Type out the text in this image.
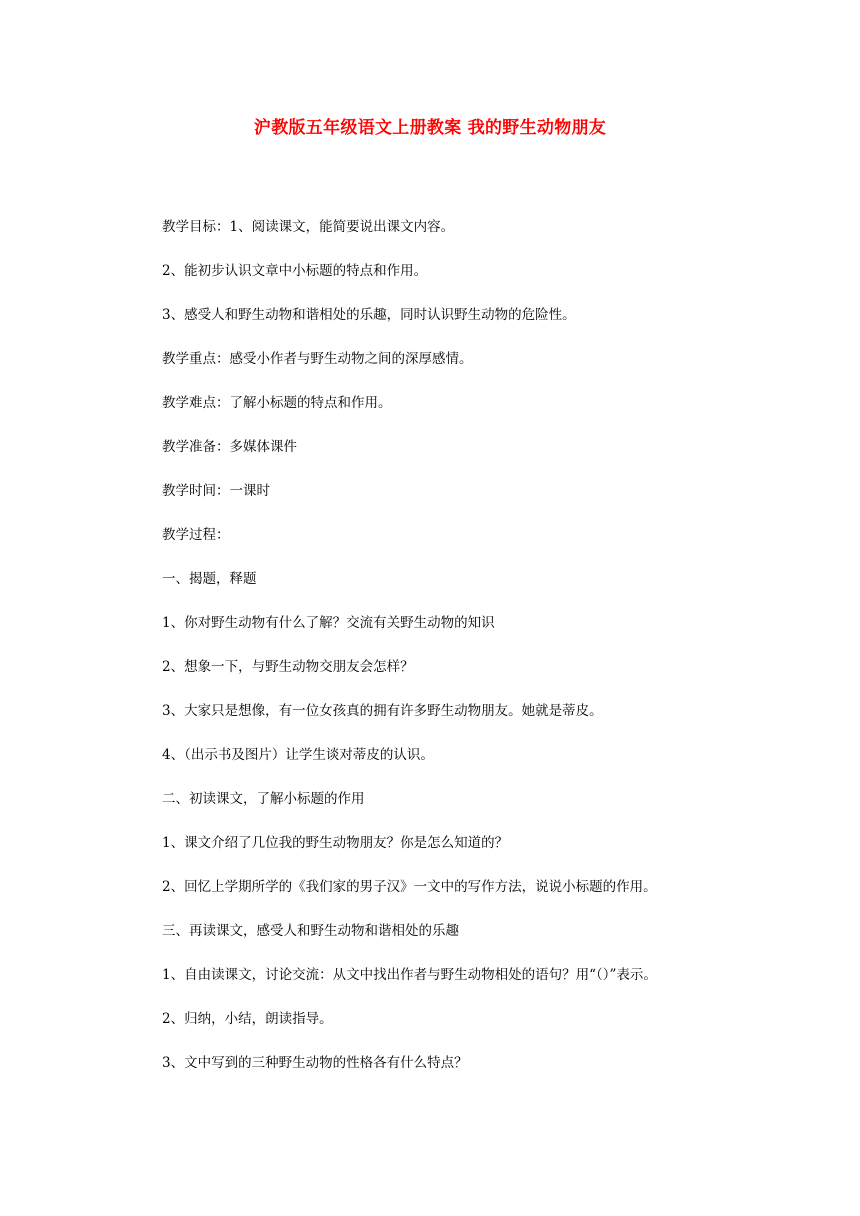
沪教版五年级语文上册教案 我的野生动物朋友

教学目标：1、阅读课文，能简要说出课文内容。

2、能初步认识文章中小标题的特点和作用。

3、感受人和野生动物和谐相处的乐趣，同时认识野生动物的危险性。

教学重点：感受小作者与野生动物之间的深厚感情。

教学难点：了解小标题的特点和作用。

教学准备：多媒体课件

教学时间：一课时

教学过程：

一、揭题，释题

1、你对野生动物有什么了解？交流有关野生动物的知识

2、想象一下，与野生动物交朋友会怎样？

3、大家只是想像，有一位女孩真的拥有许多野生动物朋友。她就是蒂皮。

4、（出示书及图片）让学生谈对蒂皮的认识。

二、初读课文，了解小标题的作用

1、课文介绍了几位我的野生动物朋友？你是怎么知道的？

2、回忆上学期所学的《我们家的男子汉》一文中的写作方法，说说小标题的作用。

三、再读课文，感受人和野生动物和谐相处的乐趣

1、自由读课文，讨论交流：从文中找出作者与野生动物相处的语句？用“（）”表示。

2、归纳，小结，朗读指导。

3、文中写到的三种野生动物的性格各有什么特点？
